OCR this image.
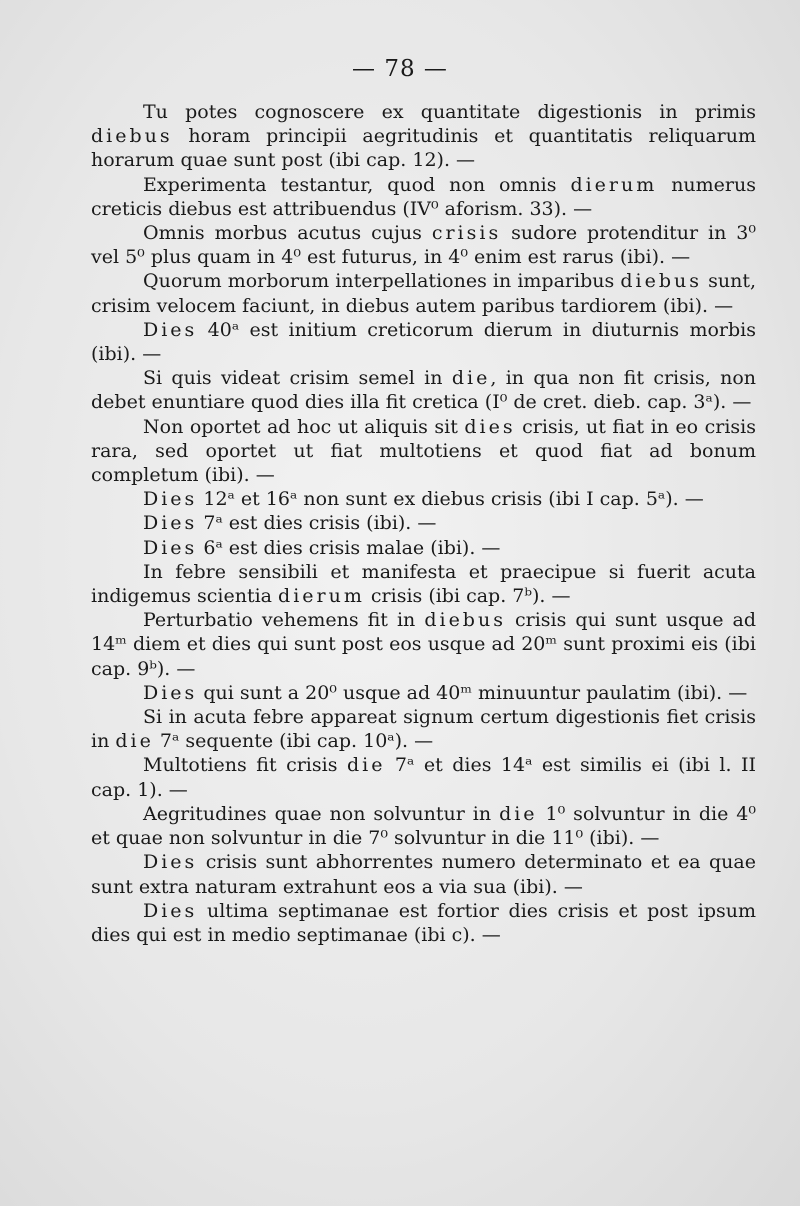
— 78 —

Tu potes cognoscere ex quantitate digestionis in primis diebus horam principii aegritudinis et quantitatis reliquarum horarum quae sunt post (ibi cap. 12). —

Experimenta testantur, quod non omnis dierum numerus creticis diebus est attribuendus (IV⁰ aforism. 33). —

Omnis morbus acutus cujus crisis sudore protenditur in 3⁰ vel 5⁰ plus quam in 4⁰ est futurus, in 4⁰ enim est rarus (ibi). —

Quorum morborum interpellationes in imparibus diebus sunt, crisim velocem faciunt, in diebus autem paribus tardiorem (ibi). —

Dies 40ᵃ est initium creticorum dierum in diuturnis morbis (ibi). —

Si quis videat crisim semel in die, in qua non fit crisis, non debet enuntiare quod dies illa fit cretica (I⁰ de cret. dieb. cap. 3ᵃ). —

Non oportet ad hoc ut aliquis sit dies crisis, ut fiat in eo crisis rara, sed oportet ut fiat multotiens et quod fiat ad bonum completum (ibi). —

Dies 12ᵃ et 16ᵃ non sunt ex diebus crisis (ibi I cap. 5ᵃ). —

Dies 7ᵃ est dies crisis (ibi). —

Dies 6ᵃ est dies crisis malae (ibi). —

In febre sensibili et manifesta et praecipue si fuerit acuta indigemus scientia dierum crisis (ibi cap. 7ᵇ). —

Perturbatio vehemens fit in diebus crisis qui sunt usque ad 14ᵐ diem et dies qui sunt post eos usque ad 20ᵐ sunt proximi eis (ibi cap. 9ᵇ). —

Dies qui sunt a 20⁰ usque ad 40ᵐ minuuntur paulatim (ibi). —

Si in acuta febre appareat signum certum digestionis fiet crisis in die 7ᵃ sequente (ibi cap. 10ᵃ). —

Multotiens fit crisis die 7ᵃ et dies 14ᵃ est similis ei (ibi l. II cap. 1). —

Aegritudines quae non solvuntur in die 1⁰ solvuntur in die 4⁰ et quae non solvuntur in die 7⁰ solvuntur in die 11⁰ (ibi). —

Dies crisis sunt abhorrentes numero determinato et ea quae sunt extra naturam extrahunt eos a via sua (ibi). —

Dies ultima septimanae est fortior dies crisis et post ipsum dies qui est in medio septimanae (ibi c). —
